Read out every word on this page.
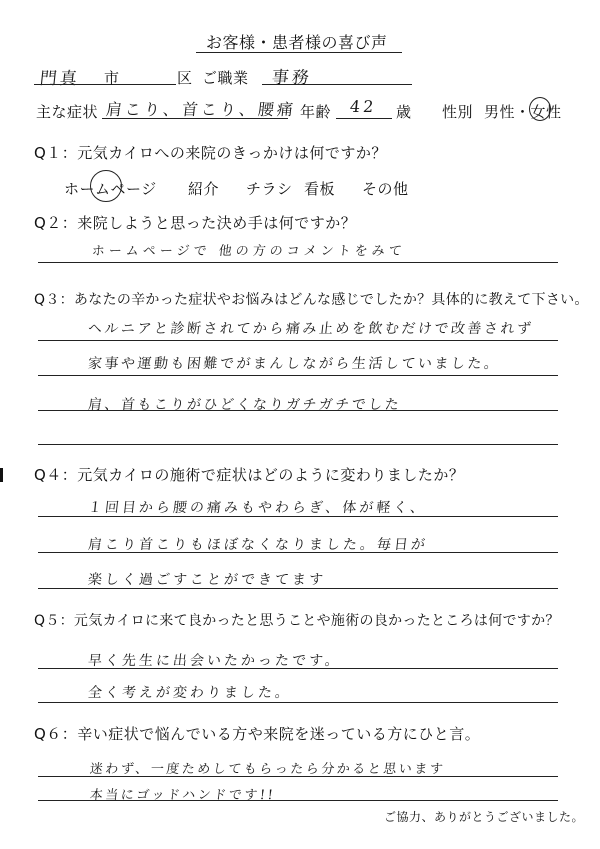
お客様・患者様の喜び声
門真 市	区 ご職業 事務
主な症状 肩こり、首こり、腰痛 年齢 42 歳 性別 男性・女性
Q１：元気カイロへの来院のきっかけは何ですか？
ホームページ 紹介 チラシ 看板 その他
Q２：来院しようと思った決め手は何ですか？
ホームページで 他の方のコメントをみて
Q３：あなたの辛かった症状やお悩みはどんな感じでしたか？具体的に教えて下さい。
ヘルニアと診断されてから痛み止めを飲むだけで改善されず
家事や運動も困難でがまんしながら生活していました。
肩、首もこりがひどくなりガチガチでした
Q４：元気カイロの施術で症状はどのように変わりましたか？
１回目から腰の痛みもやわらぎ、体が軽く、
肩こり首こりもほぼなくなりました。毎日が
楽しく過ごすことができてます
Q５：元気カイロに来て良かったと思うことや施術の良かったところは何ですか？
早く先生に出会いたかったです。
全く考えが変わりました。
Q６：辛い症状で悩んでいる方や来院を迷っている方にひと言。
迷わず、一度ためしてもらったら分かると思います
本当にゴッドハンドです!!
ご協力、ありがとうございました。
